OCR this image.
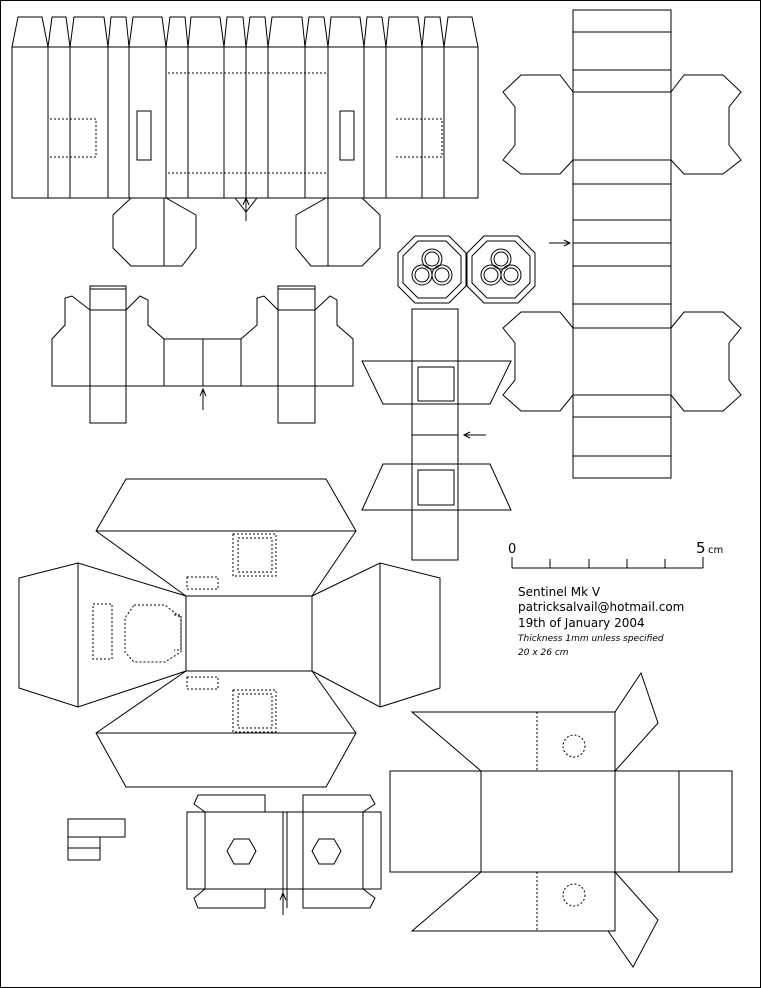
0	5 cm
Sentinel Mk V
patricksalvail@hotmail.com
19th of January 2004
Thickness 1mm unless specified
20 x 26 cm
